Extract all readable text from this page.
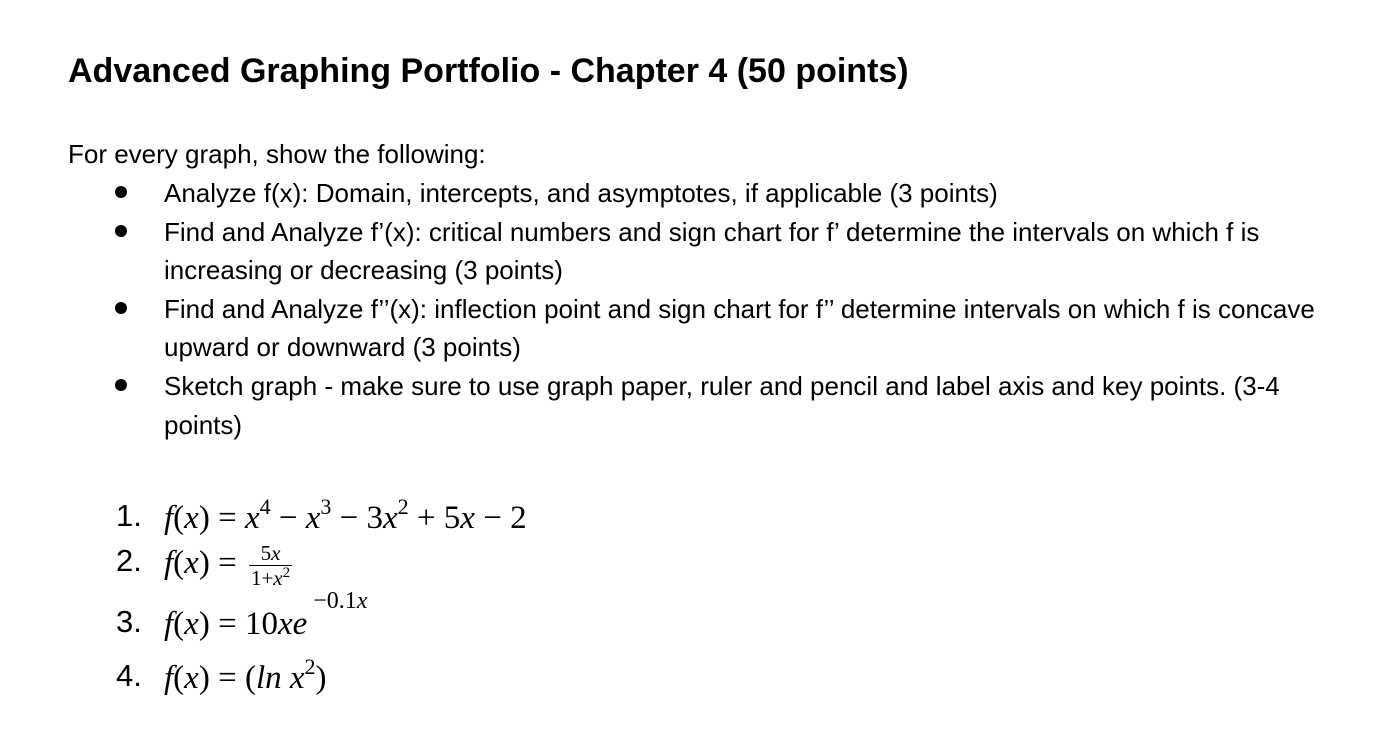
Advanced Graphing Portfolio - Chapter 4 (50 points)
For every graph, show the following:
Analyze f(x): Domain, intercepts, and asymptotes, if applicable (3 points)
Find and Analyze f’(x): critical numbers and sign chart for f’ determine the intervals on which f is increasing or decreasing (3 points)
Find and Analyze f’’(x): inflection point and sign chart for f’’ determine intervals on which f is concave upward or downward (3 points)
Sketch graph - make sure to use graph paper, ruler and pencil and label axis and key points. (3-4 points)
1. $f(x) = x^4 - x^3 - 3x^2 + 5x - 2$
2. $f(x) = \frac{5x}{1+x^2}$
3. $f(x) = 10xe^{-0.1x}$
4. f(x) = (ln $x^2$)
